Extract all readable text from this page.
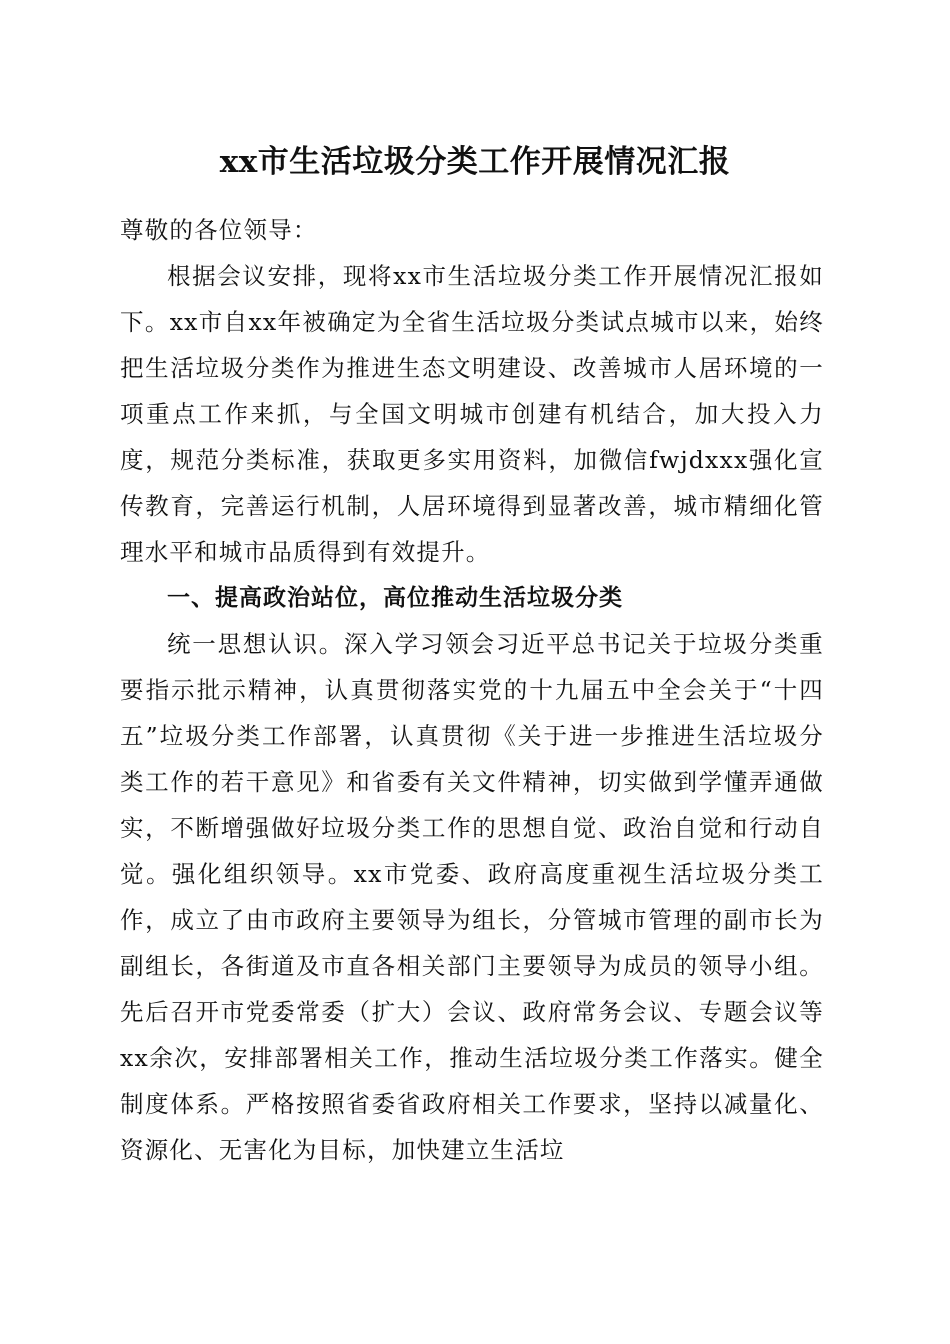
xx市生活垃圾分类工作开展情况汇报

尊敬的各位领导：

根据会议安排，现将xx市生活垃圾分类工作开展情况汇报如下。xx市自xx年被确定为全省生活垃圾分类试点城市以来，始终把生活垃圾分类作为推进生态文明建设、改善城市人居环境的一项重点工作来抓，与全国文明城市创建有机结合，加大投入力度，规范分类标准，获取更多实用资料，加微信fwjdxxx强化宣传教育，完善运行机制，人居环境得到显著改善，城市精细化管理水平和城市品质得到有效提升。

一、提高政治站位，高位推动生活垃圾分类

统一思想认识。深入学习领会习近平总书记关于垃圾分类重要指示批示精神，认真贯彻落实党的十九届五中全会关于“十四五”垃圾分类工作部署，认真贯彻《关于进一步推进生活垃圾分类工作的若干意见》和省委有关文件精神，切实做到学懂弄通做实，不断增强做好垃圾分类工作的思想自觉、政治自觉和行动自觉。强化组织领导。xx市党委、政府高度重视生活垃圾分类工作，成立了由市政府主要领导为组长，分管城市管理的副市长为副组长，各街道及市直各相关部门主要领导为成员的领导小组。先后召开市党委常委（扩大）会议、政府常务会议、专题会议等xx余次，安排部署相关工作，推动生活垃圾分类工作落实。健全制度体系。严格按照省委省政府相关工作要求，坚持以减量化、资源化、无害化为目标，加快建立生活垃
